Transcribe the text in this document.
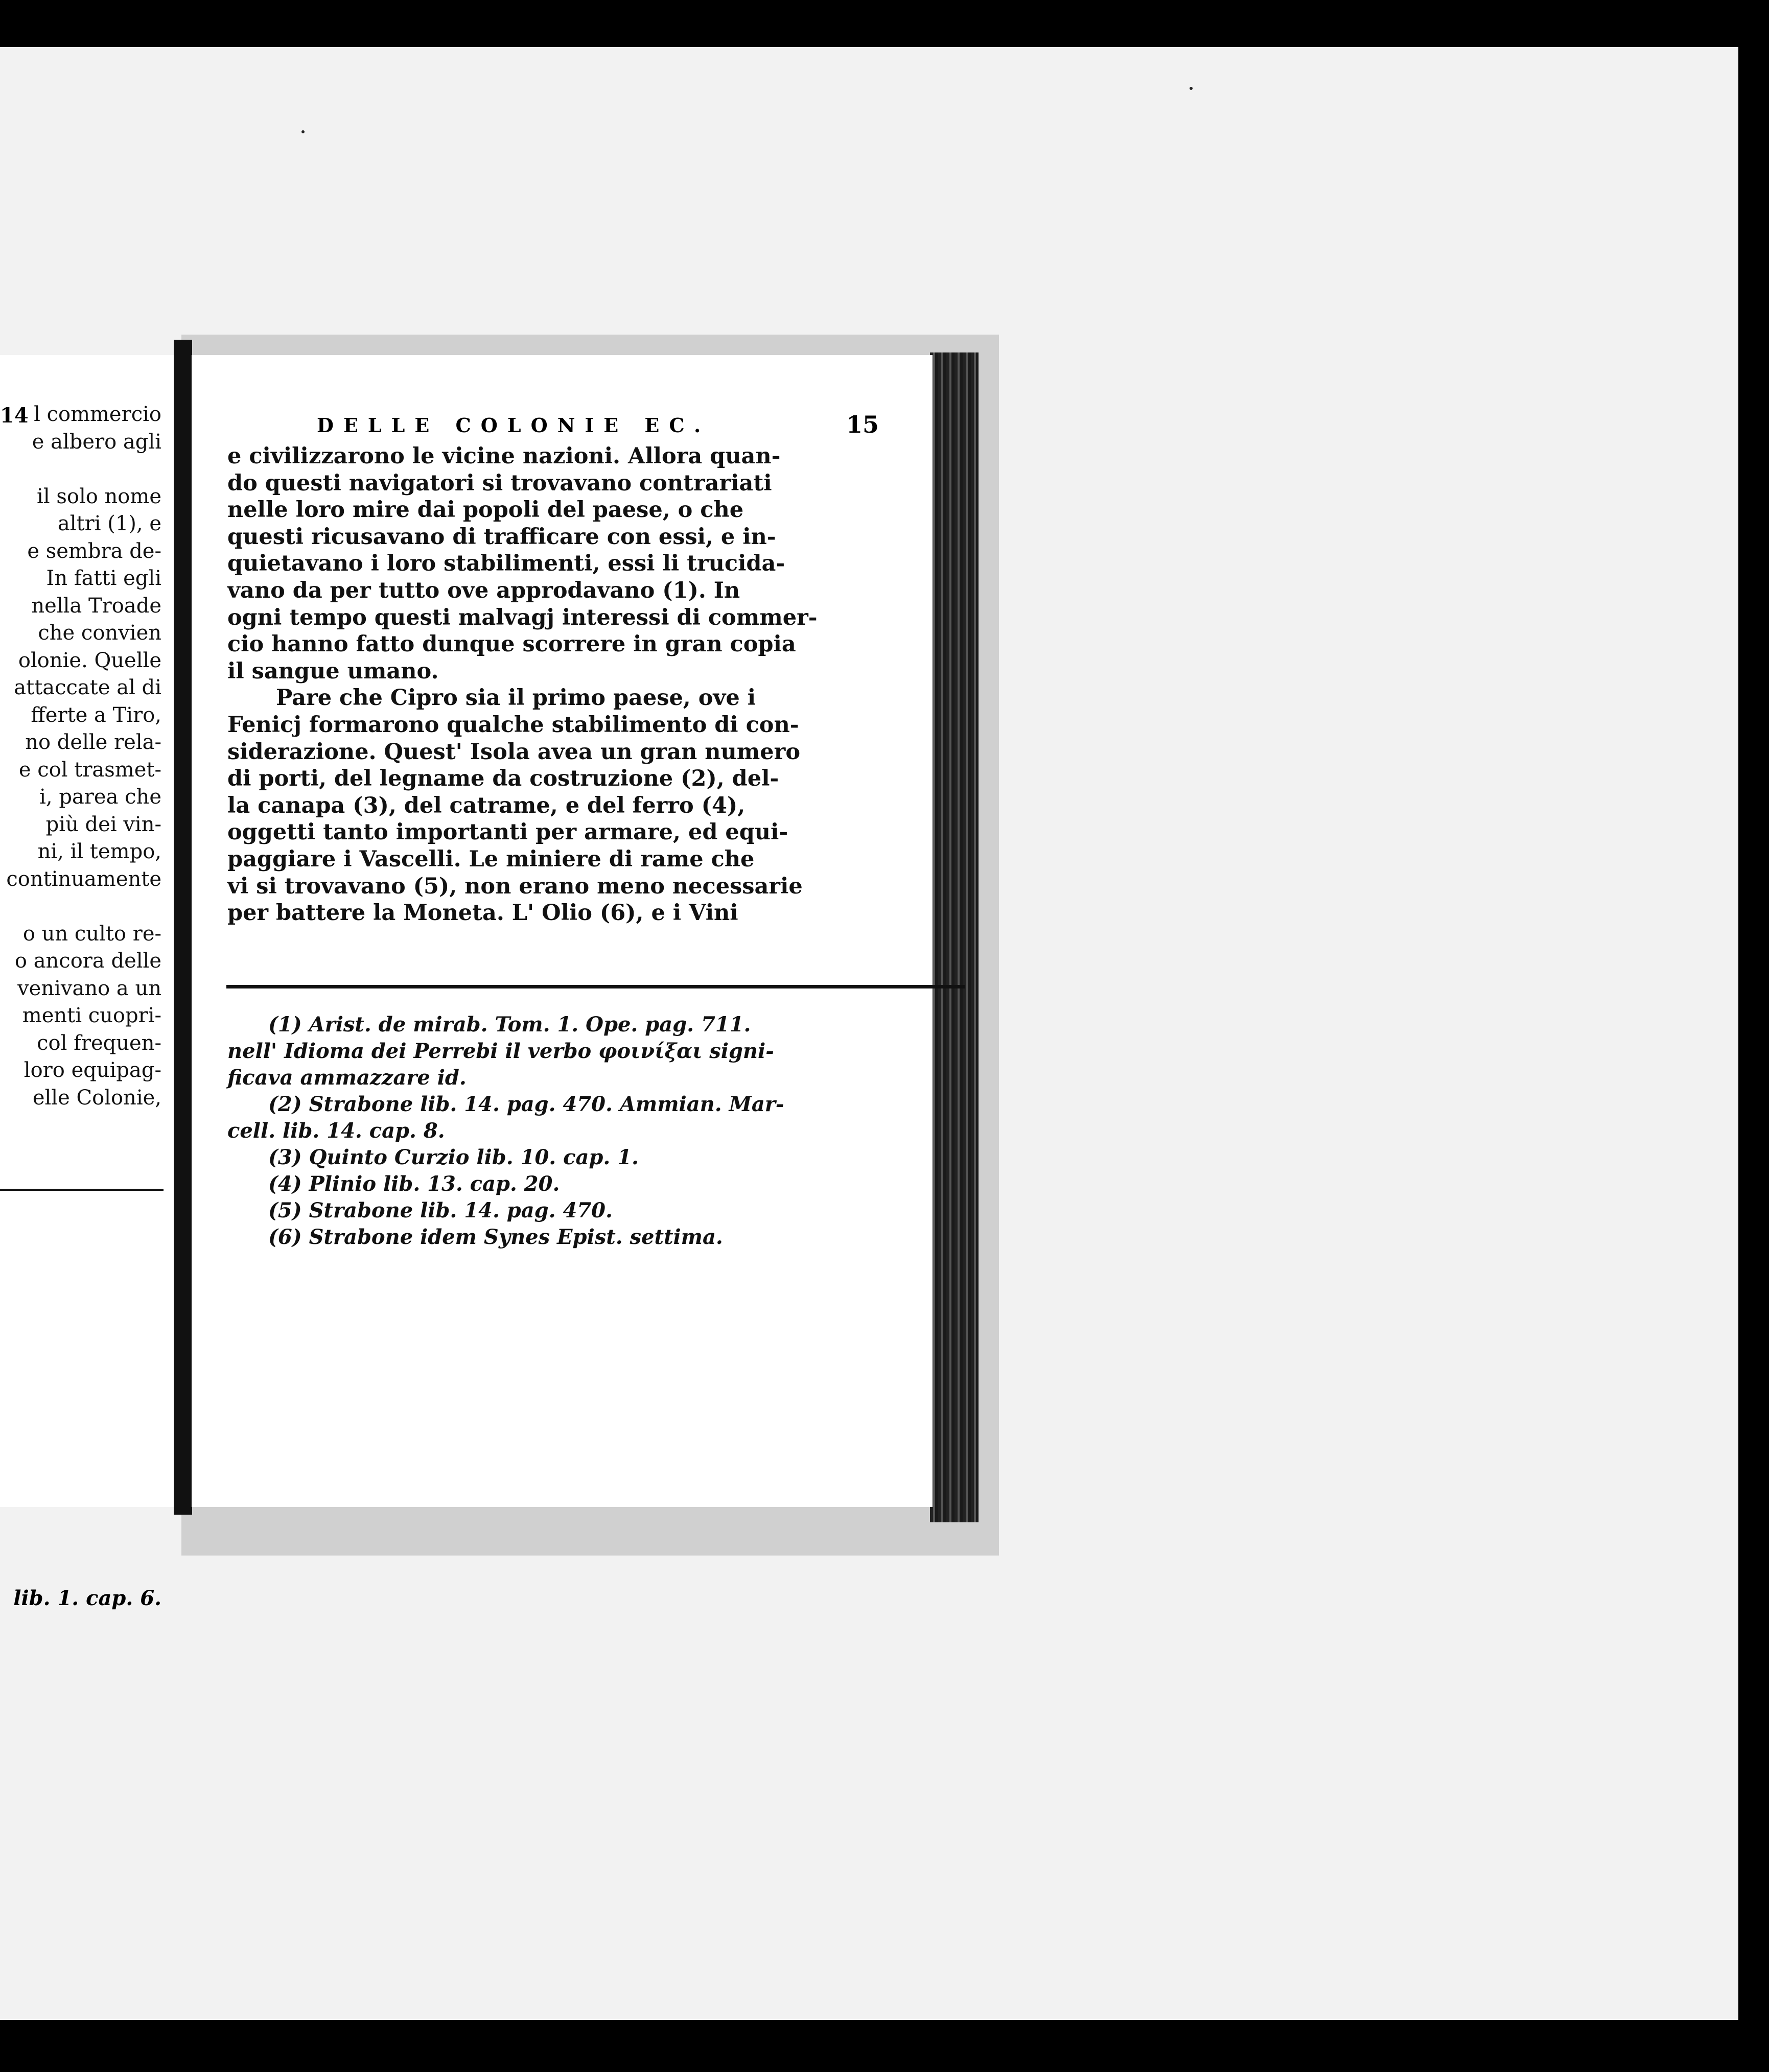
14 l commercio
e albero agli

il solo nome
altri (1), e
e sembra de-
In fatti egli
nella Troade
che convien
olonie. Quelle
attaccate al di
fferte a Tiro,
no delle rela-
e col trasmet-
i, parea che
più dei vin-
ni, il tempo,
continuamente

o un culto re-
o ancora delle
venivano a un
menti cuopri-
col frequen-
loro equipag-
elle Colonie,
lib. 1. cap. 6.
DELLE COLONIE EC.	15
e civilizzarono le vicine nazioni. Allora quan-
do questi navigatori si trovavano contrariati
nelle loro mire dai popoli del paese, o che
questi ricusavano di trafficare con essi, e in-
quietavano i loro stabilimenti, essi li trucida-
vano da per tutto ove approdavano (1). In
ogni tempo questi malvagj interessi di commer-
cio hanno fatto dunque scorrere in gran copia
il sangue umano.
Pare che Cipro sia il primo paese, ove i
Fenicj formarono qualche stabilimento di con-
siderazione. Quest' Isola avea un gran numero
di porti, del legname da costruzione (2), del-
la canapa (3), del catrame, e del ferro (4),
oggetti tanto importanti per armare, ed equi-
paggiare i Vascelli. Le miniere di rame che
vi si trovavano (5), non erano meno necessarie
per battere la Moneta. L' Olio (6), e i Vini
(1) Arist. de mirab. Tom. 1. Ope. pag. 711.
nell' Idioma dei Perrebi il verbo φοινίξαι signi-
ficava ammazzare id.
(2) Strabone lib. 14. pag. 470. Ammian. Mar-
cell. lib. 14. cap. 8.
(3) Quinto Curzio lib. 10. cap. 1.
(4) Plinio lib. 13. cap. 20.
(5) Strabone lib. 14. pag. 470.
(6) Strabone idem Synes Epist. settima.
